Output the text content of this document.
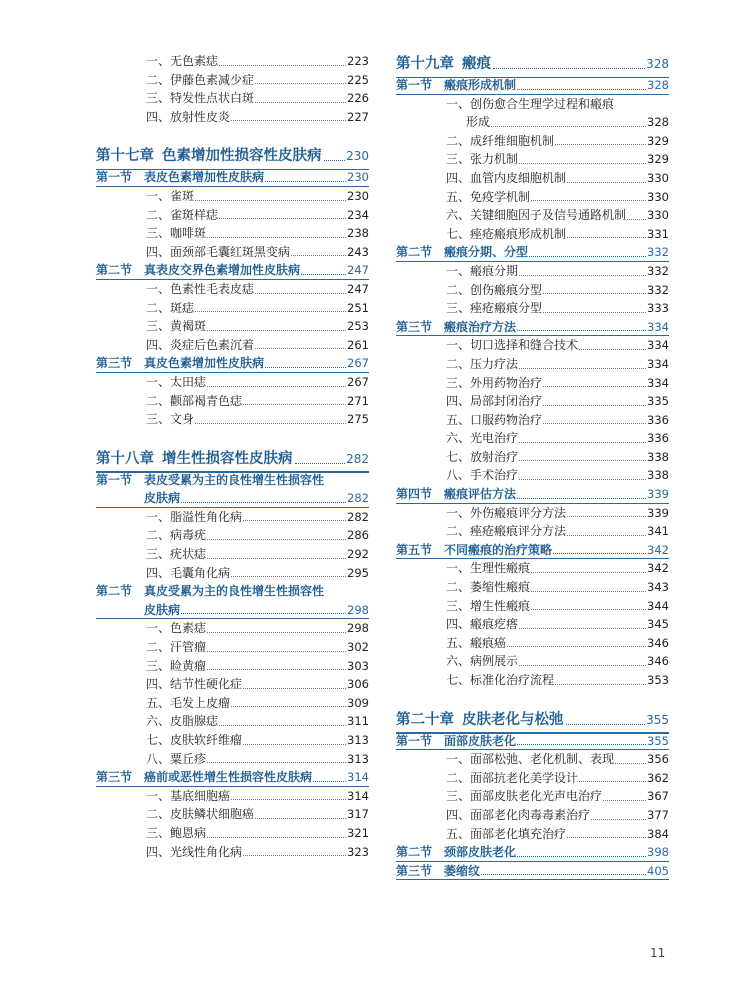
一、无色素痣	223
二、伊藤色素减少症	225
三、特发性点状白斑	226
四、放射性皮炎	227
第十七章 色素增加性损容性皮肤病 230
第一节 表皮色素增加性皮肤病	230
一、雀斑	230
二、雀斑样痣	234
三、咖啡斑	238
四、面颈部毛囊红斑黑变病	243
第二节 真表皮交界色素增加性皮肤病	247
一、色素性毛表皮痣	247
二、斑痣	251
三、黄褐斑	253
四、炎症后色素沉着	261
第三节 真皮色素增加性皮肤病	267
一、太田痣	267
二、颧部褐青色痣	271
三、文身	275
第十八章 增生性损容性皮肤病	282
第一节 表皮受累为主的良性增生性损容性
皮肤病	282
一、脂溢性角化病	282
二、病毒疣	286
三、疣状痣	292
四、毛囊角化病	295
第二节 真皮受累为主的良性增生性损容性
皮肤病	298
一、色素痣	298
二、汗管瘤	302
三、睑黄瘤	303
四、结节性硬化症	306
五、毛发上皮瘤	309
六、皮脂腺痣	311
七、皮肤软纤维瘤	313
八、粟丘疹	313
第三节 癌前或恶性增生性损容性皮肤病	314
一、基底细胞癌	314
二、皮肤鳞状细胞癌	317
三、鲍恩病	321
四、光线性角化病	323
第十九章 瘢痕	328
第一节 瘢痕形成机制	328
一、创伤愈合生理学过程和瘢痕
形成	328
二、成纤维细胞机制	329
三、张力机制	329
四、血管内皮细胞机制	330
五、免疫学机制	330
六、关键细胞因子及信号通路机制 330
七、痤疮瘢痕形成机制	331
第二节 瘢痕分期、分型	332
一、瘢痕分期	332
二、创伤瘢痕分型	332
三、痤疮瘢痕分型	333
第三节 瘢痕治疗方法	334
一、切口选择和缝合技术	334
二、压力疗法	334
三、外用药物治疗	334
四、局部封闭治疗	335
五、口服药物治疗	336
六、光电治疗	336
七、放射治疗	338
八、手术治疗	338
第四节 瘢痕评估方法	339
一、外伤瘢痕评分方法	339
二、痤疮瘢痕评分方法	341
第五节 不同瘢痕的治疗策略	342
一、生理性瘢痕	342
二、萎缩性瘢痕	343
三、增生性瘢痕	344
四、瘢痕疙瘩	345
五、瘢痕癌	346
六、病例展示	346
七、标准化治疗流程	353
第二十章 皮肤老化与松弛	355
第一节 面部皮肤老化	355
一、面部松弛、老化机制、表现	356
二、面部抗老化美学设计	362
三、面部皮肤老化光声电治疗	367
四、面部老化肉毒毒素治疗	377
五、面部老化填充治疗	384
第二节 颈部皮肤老化	398
第三节 萎缩纹	405
11
